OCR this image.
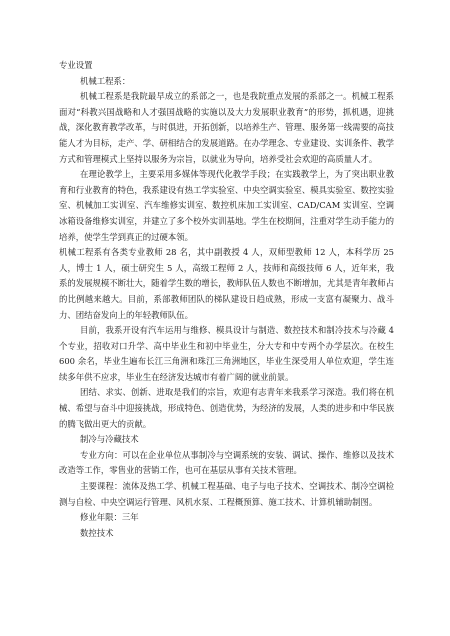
专业设置

机械工程系：

机械工程系是我院最早成立的系部之一，也是我院重点发展的系部之一。机械工程系面对“科教兴国战略和人才强国战略的实施以及大力发展职业教育”的形势，抓机遇，迎挑战，深化教育教学改革，与时俱进，开拓创新，以培养生产、管理、服务第一线需要的高技能人才为目标，走产、学、研相结合的发展道路。在办学理念、专业建设、实训条件、教学方式和管理模式上坚持以服务为宗旨，以就业为导向，培养受社会欢迎的高质量人才。

在理论教学上，主要采用多媒体等现代化教学手段；在实践教学上，为了突出职业教育和行业教育的特色，我系建设有热工学实验室、中央空调实验室、模具实验室、数控实验室、机械加工实训室、汽车维修实训室、数控机床加工实训室、CAD/CAM 实训室、空调冰箱设备维修实训室，并建立了多个校外实训基地。学生在校期间，注重对学生动手能力的培养，使学生学到真正的过硬本领。

机械工程系有各类专业教师 28 名，其中副教授 4 人，双师型教师 12 人，本科学历 25 人，博士 1 人，硕士研究生 5 人，高级工程师 2 人，技师和高级技师 6 人，近年来，我系的发展规模不断壮大，随着学生数的增长，教师队伍人数也不断增加，尤其是青年教师占的比例越来越大。目前，系部教师团队的梯队建设日趋成熟，形成一支富有凝聚力、战斗力、团结奋发向上的年轻教师队伍。

目前，我系开设有汽车运用与维修、模具设计与制造、数控技术和制冷技术与冷藏 4 个专业，招收对口升学、高中毕业生和初中毕业生，分大专和中专两个办学层次。在校生 600 余名，毕业生遍布长江三角洲和珠江三角洲地区，毕业生深受用人单位欢迎，学生连续多年供不应求，毕业生在经济发达城市有着广阔的就业前景。

团结、求实、创新、进取是我们的宗旨，欢迎有志青年来我系学习深造。我们将在机械、希望与奋斗中迎接挑战，形成特色、创造优势，为经济的发展，人类的进步和中华民族的腾飞做出更大的贡献。

制冷与冷藏技术

专业方向：可以在企业单位从事制冷与空调系统的安装、调试、操作、维修以及技术改造等工作，零售业的营销工作，也可在基层从事有关技术管理。

主要课程：流体及热工学、机械工程基础、电子与电子技术、空调技术、制冷空调检测与自检、中央空调运行管理、风机水泵、工程概预算、施工技术、计算机辅助制图。

修业年限：三年

数控技术
